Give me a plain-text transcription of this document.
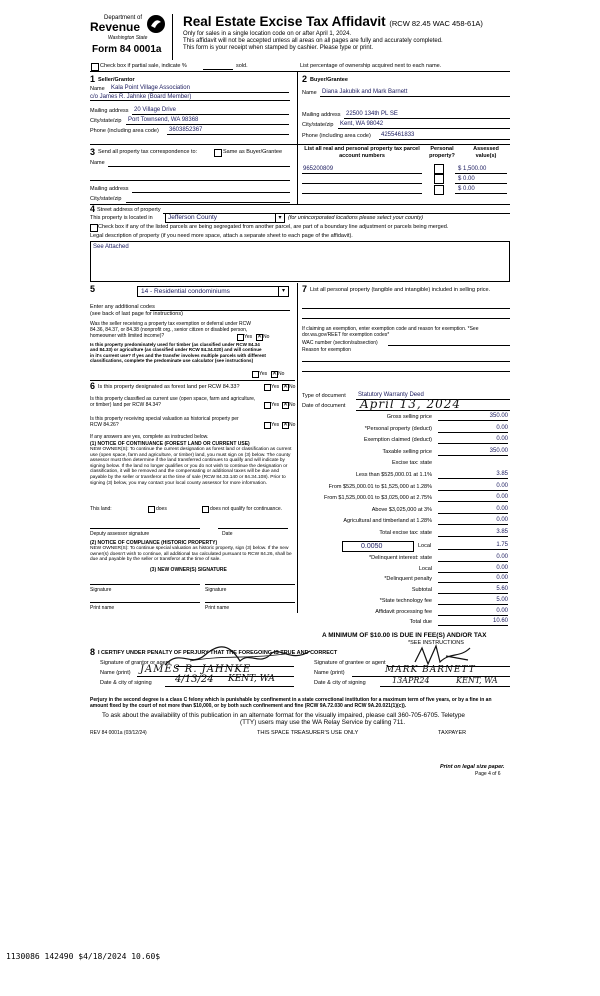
Department of
Revenue
Washington State
Form 84 0001a
Real Estate Excise Tax Affidavit (RCW 82.45 WAC 458-61A)
Only for sales in a single location code on or after April 1, 2024.
This affidavit will not be accepted unless all areas on all pages are fully and accurately completed.
This form is your receipt when stamped by cashier. Please type or print.
Check box if partial sale, indicate %	sold.	List percentage of ownership acquired next to each name.
1 Seller/Grantor
Name Kala Point Village Association
c/o James R. Jahnke (Board Member)
Mailing address 20 Village Drive
City/state/zip Port Townsend, WA 98368
Phone (including area code) 3603852367
2 Buyer/Grantee
Name Diana Jakubik and Mark Barnett
Mailing address 22500 134th PL SE
City/state/zip Kent, WA 98042
Phone (including area code) 4255461833
3 Send all property tax correspondence to:	Same as Buyer/Grantee
Name
Mailing address
City/state/zip
List all real and personal property tax parcel account numbers
Personal property?
Assessed value(s)
965200809	$ 1,500.00
$ 0.00
$ 0.00
4 Street address of property
This property is located in Jefferson County	▾	(for unincorporated locations please select your county)
Check box if any of the listed parcels are being segregated from another parcel, are part of a boundary line adjustment or parcels being merged.
Legal description of property (if you need more space, attach a separate sheet to each page of the affidavit).
See Attached
5	14 - Residential condominiums	▾
Enter any additional codes
(see back of last page for instructions)
Was the seller receiving a property tax exemption or deferral under RCW 84.36, 84.37, or 84.38 (nonprofit org., senior citizen or disabled person, homeowner with limited income)?	Yes ✕ No
Is this property predominately used for timber (as classified under RCW 84.34 and 84.33) or agriculture (as classified under RCW 84.34.020) and will continue in it's current use? If yes and the transfer involves multiple parcels with different classifications, complete the predominate use calculator (see instructions)
Yes ✕ No
6 Is this property designated as forest land per RCW 84.33?	Yes ✕ No
Is this property classified as current use (open space, farm and agriculture, or timber) land per RCW 84.34?	Yes ✕ No
Is this property receiving special valuation as historical property per RCW 84.26?	Yes ✕ No
If any answers are yes, complete as instructed below.
(1) NOTICE OF CONTINUANCE (FOREST LAND OR CURRENT USE)
NEW OWNER(S): To continue the current designation as forest land or classification as current use (open space, farm and agriculture, or timber) land, you must sign on (3) below. The county assessor must then determine if the land transferred continues to qualify and will indicate by signing below. If the land no longer qualifies or you do not wish to continue the designation or classification, it will be removed and the compensating or additional taxes will be due and payable by the seller or transferor at the time of sale (RCW 84.33.140 or 84.34.108). Prior to signing (3) below, you may contact your local county assessor for more information.
This land:	does	does not qualify for continuance.
Deputy assessor signature	Date
(2) NOTICE OF COMPLIANCE (HISTORIC PROPERTY)
NEW OWNER(S): To continue special valuation as historic property, sign (3) below. If the new owner(s) doesn't wish to continue, all additional tax calculated pursuant to RCW 84.26, shall be due and payable by the seller or transferor at the time of sale.
(3) NEW OWNER(S) SIGNATURE
Signature	Signature
Print name	Print name
7 List all personal property (tangible and intangible) included in selling price.
If claiming an exemption, enter exemption code and reason for exemption. *See dor.wa.gov/REET for exemption codes*
WAC number (section/subsection)
Reason for exemption
Type of document Statutory Warranty Deed
Date of document April 13, 2024
Gross selling price	350.00
*Personal property (deduct)	0.00
Exemption claimed (deduct)	0.00
Taxable selling price	350.00
Excise tax: state
Less than $525,000.01 at 1.1%	3.85
From $525,000.01 to $1,525,000 at 1.28%	0.00
From $1,525,000.01 to $3,025,000 at 2.75%	0.00
Above $3,025,000 at 3%	0.00
Agricultural and timberland at 1.28%	0.00
Total excise tax: state	3.85
0.0050	Local	1.75
*Delinquent interest: state	0.00
Local	0.00
*Delinquent penalty	0.00
Subtotal	5.60
*State technology fee	5.00
Affidavit processing fee	0.00
Total due	10.60
A MINIMUM OF $10.00 IS DUE IN FEE(S) AND/OR TAX
*SEE INSTRUCTIONS
8 I CERTIFY UNDER PENALTY OF PERJURY THAT THE FOREGOING IS TRUE AND CORRECT
Signature of grantor or agent
Name (print) JAMES R. JAHNKE
Date & city of signing 4/13/24 KENT, WA
Signature of grantee or agent
Name (print)	MARK BARNETT
Date & city of signing	13APR24	KENT, WA
Perjury in the second degree is a class C felony which is punishable by confinement in a state correctional institution for a maximum term of five years, or by a fine in an amount fixed by the court of not more than $10,000, or by both such confinement and fine (RCW 9A.72.030 and RCW 9A.20.021(1)(c)).
To ask about the availability of this publication in an alternate format for the visually impaired, please call 360-705-6705. Teletype
(TTY) users may use the WA Relay Service by calling 711.
REV 84 0001a (03/12/24)	THIS SPACE TREASURER'S USE ONLY	TAXPAYER
Print on legal size paper.
Page 4 of 6
1130086 142490 $4/18/2024 10.60$
